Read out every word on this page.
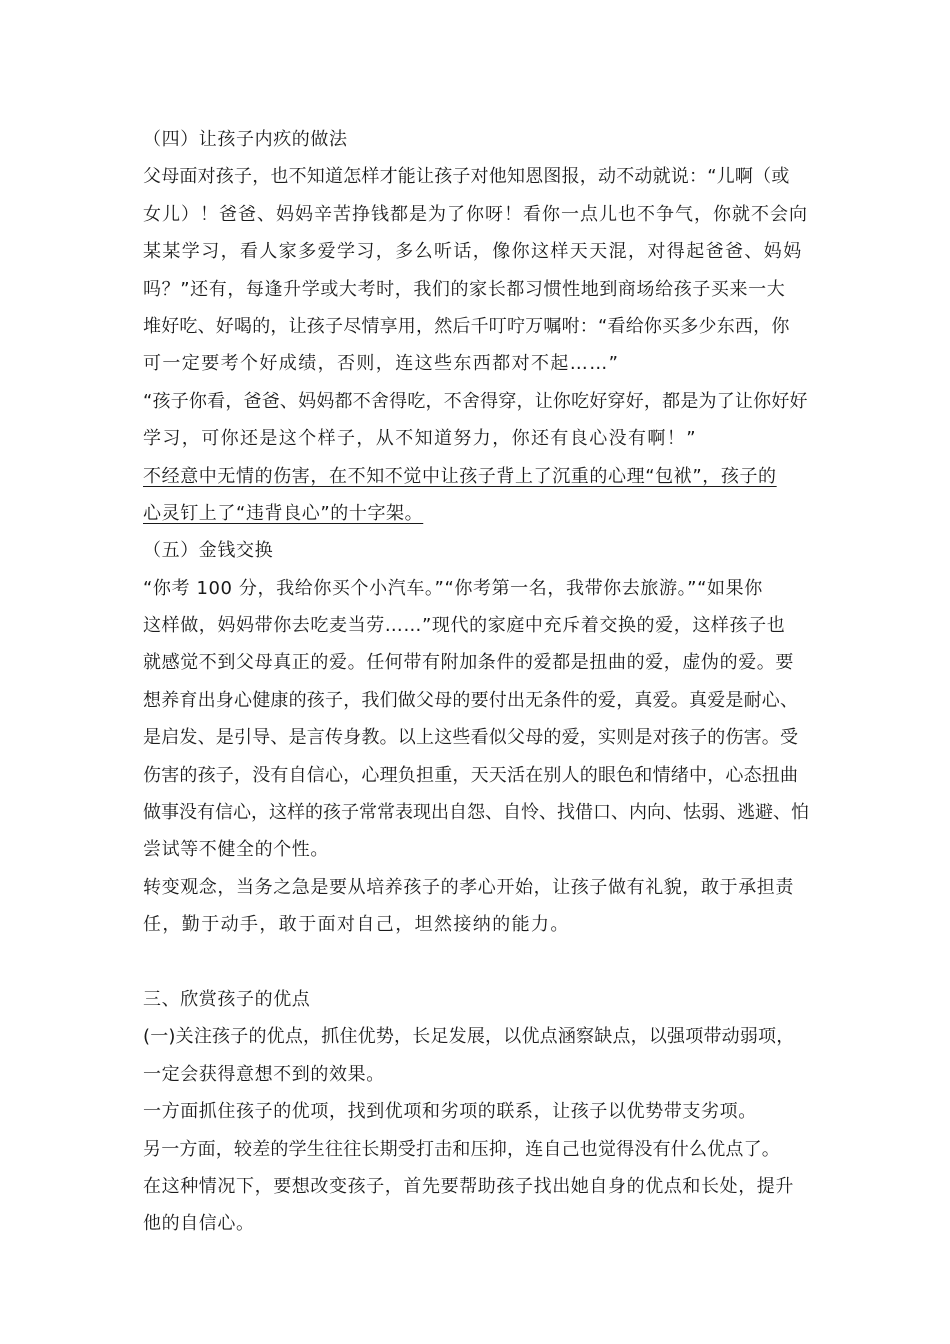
（四）让孩子内疚的做法
父母面对孩子，也不知道怎样才能让孩子对他知恩图报，动不动就说：“儿啊（或
女儿）！爸爸、妈妈辛苦挣钱都是为了你呀！看你一点儿也不争气，你就不会向
某某学习，看人家多爱学习，多么听话，像你这样天天混，对得起爸爸、妈妈
吗？”还有，每逢升学或大考时，我们的家长都习惯性地到商场给孩子买来一大
堆好吃、好喝的，让孩子尽情享用，然后千叮咛万嘱咐：“看给你买多少东西，你
可一定要考个好成绩，否则，连这些东西都对不起……”
“孩子你看，爸爸、妈妈都不舍得吃，不舍得穿，让你吃好穿好，都是为了让你好好
学习，可你还是这个样子，从不知道努力，你还有良心没有啊！”
不经意中无情的伤害，在不知不觉中让孩子背上了沉重的心理“包袱”，孩子的
心灵钉上了“违背良心”的十字架。
（五）金钱交换
“你考 100 分，我给你买个小汽车。”“你考第一名，我带你去旅游。”“如果你
这样做，妈妈带你去吃麦当劳……”现代的家庭中充斥着交换的爱，这样孩子也
就感觉不到父母真正的爱。任何带有附加条件的爱都是扭曲的爱，虚伪的爱。要
想养育出身心健康的孩子，我们做父母的要付出无条件的爱，真爱。真爱是耐心、
是启发、是引导、是言传身教。以上这些看似父母的爱，实则是对孩子的伤害。受
伤害的孩子，没有自信心，心理负担重，天天活在别人的眼色和情绪中，心态扭曲
做事没有信心，这样的孩子常常表现出自怨、自怜、找借口、内向、怯弱、逃避、怕
尝试等不健全的个性。
转变观念，当务之急是要从培养孩子的孝心开始，让孩子做有礼貌，敢于承担责
任，勤于动手，敢于面对自己，坦然接纳的能力。
三、欣赏孩子的优点
(一)关注孩子的优点，抓住优势，长足发展，以优点涵察缺点，以强项带动弱项，
一定会获得意想不到的效果。
一方面抓住孩子的优项，找到优项和劣项的联系，让孩子以优势带支劣项。
另一方面，较差的学生往往长期受打击和压抑，连自己也觉得没有什么优点了。
在这种情况下，要想改变孩子，首先要帮助孩子找出她自身的优点和长处，提升
他的自信心。
